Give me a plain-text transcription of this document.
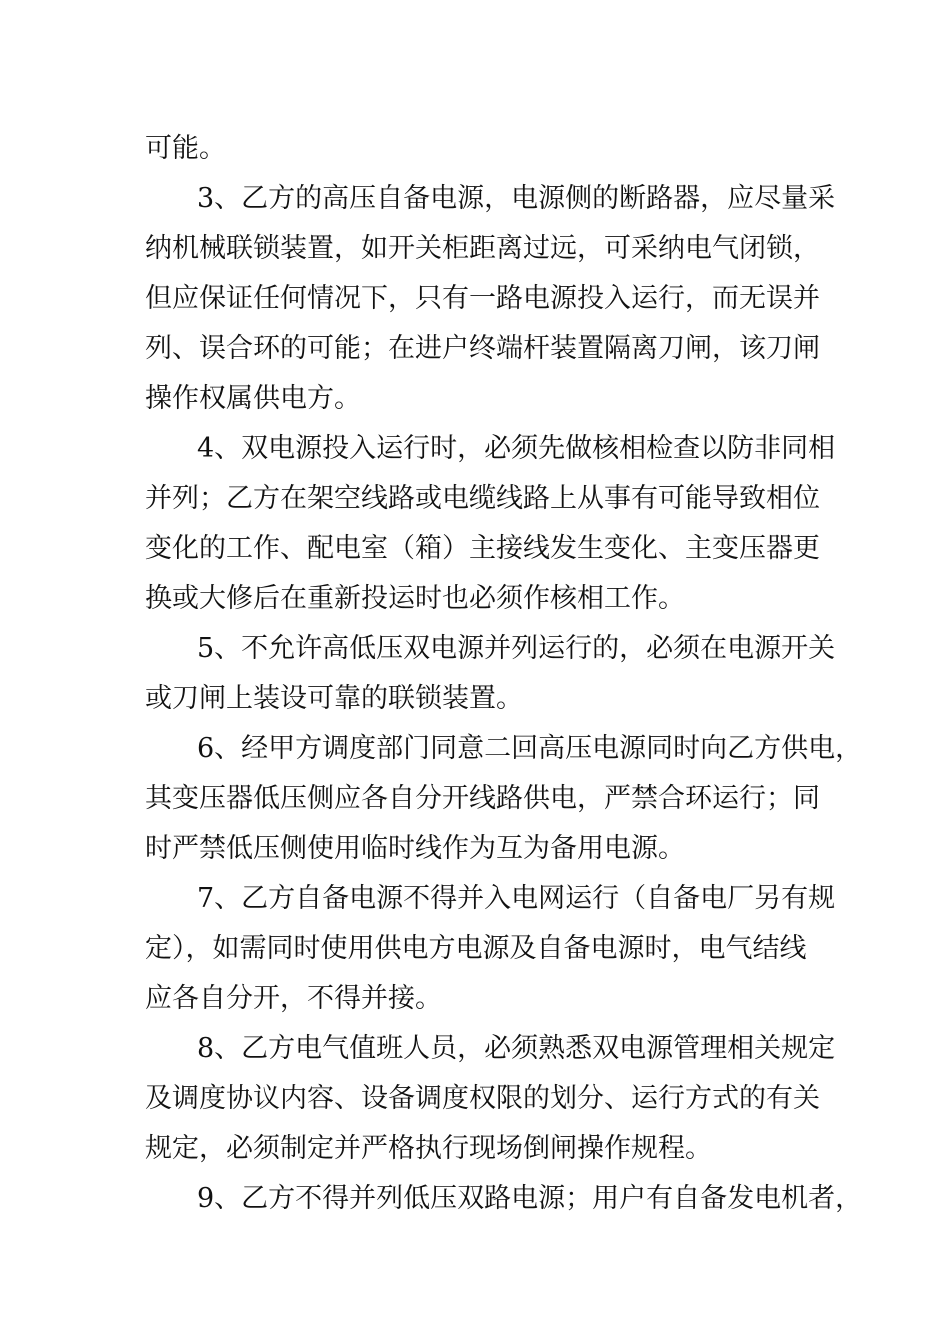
可能。

3、乙方的高压自备电源，电源侧的断路器，应尽量采

纳机械联锁装置，如开关柜距离过远，可采纳电气闭锁，

但应保证任何情况下，只有一路电源投入运行，而无误并

列、误合环的可能；在进户终端杆装置隔离刀闸，该刀闸

操作权属供电方。

4、双电源投入运行时，必须先做核相检查以防非同相

并列；乙方在架空线路或电缆线路上从事有可能导致相位

变化的工作、配电室（箱）主接线发生变化、主变压器更

换或大修后在重新投运时也必须作核相工作。

5、不允许高低压双电源并列运行的，必须在电源开关

或刀闸上装设可靠的联锁装置。

6、经甲方调度部门同意二回高压电源同时向乙方供电，

其变压器低压侧应各自分开线路供电，严禁合环运行；同

时严禁低压侧使用临时线作为互为备用电源。

7、乙方自备电源不得并入电网运行（自备电厂另有规

定），如需同时使用供电方电源及自备电源时，电气结线

应各自分开，不得并接。

8、乙方电气值班人员，必须熟悉双电源管理相关规定

及调度协议内容、设备调度权限的划分、运行方式的有关

规定，必须制定并严格执行现场倒闸操作规程。

9、乙方不得并列低压双路电源；用户有自备发电机者，
